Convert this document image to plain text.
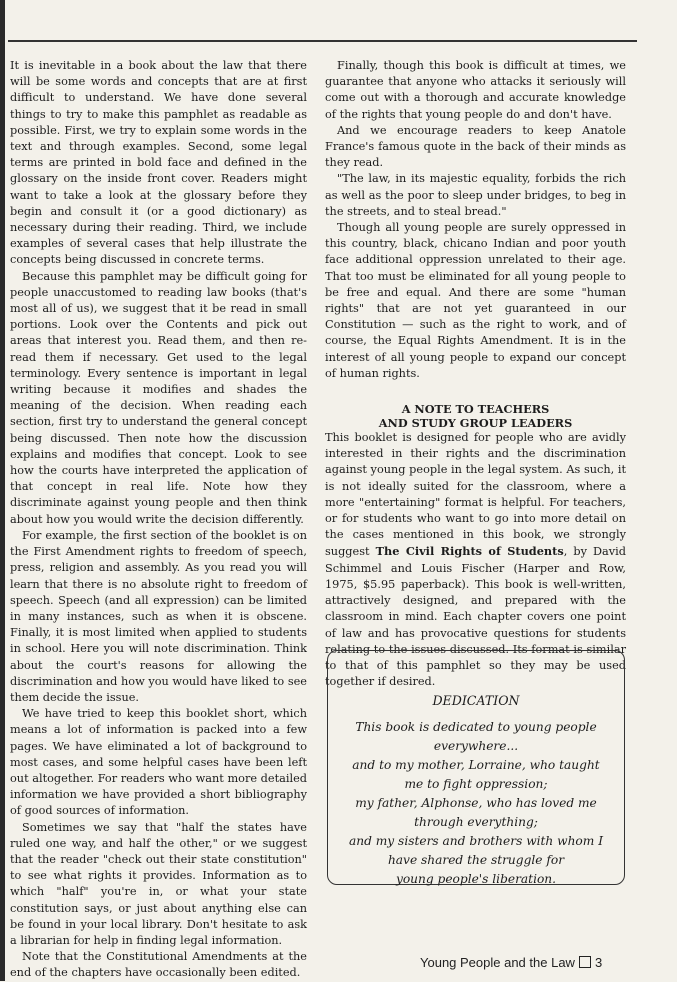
It is inevitable in a book about the law that there will be some words and concepts that are at first difficult to understand. We have done several things to try to make this pamphlet as readable as possible. First, we try to explain some words in the text and through examples. Second, some legal terms are printed in bold face and defined in the glossary on the inside front cover. Readers might want to take a look at the glossary before they begin and consult it (or a good dictionary) as necessary during their reading. Third, we include examples of several cases that help illustrate the concepts being discussed in concrete terms.

Because this pamphlet may be difficult going for people unaccustomed to reading law books (that's most all of us), we suggest that it be read in small portions. Look over the Contents and pick out areas that interest you. Read them, and then re-read them if necessary. Get used to the legal terminology. Every sentence is important in legal writing because it modifies and shades the meaning of the decision. When reading each section, first try to understand the general concept being discussed. Then note how the discussion explains and modifies that concept. Look to see how the courts have interpreted the application of that concept in real life. Note how they discriminate against young people and then think about how you would write the decision differently.

For example, the first section of the booklet is on the First Amendment rights to freedom of speech, press, religion and assembly. As you read you will learn that there is no absolute right to freedom of speech. Speech (and all expression) can be limited in many instances, such as when it is obscene. Finally, it is most limited when applied to students in school. Here you will note discrimination. Think about the court's reasons for allowing the discrimination and how you would have liked to see them decide the issue.

We have tried to keep this booklet short, which means a lot of information is packed into a few pages. We have eliminated a lot of background to most cases, and some helpful cases have been left out altogether. For readers who want more detailed information we have provided a short bibliography of good sources of information.

Sometimes we say that "half the states have ruled one way, and half the other," or we suggest that the reader "check out their state constitution" to see what rights it provides. Information as to which "half" you're in, or what your state constitution says, or just about anything else can be found in your local library. Don't hesitate to ask a librarian for help in finding legal information.

Note that the Constitutional Amendments at the end of the chapters have occasionally been edited.

Finally, though this book is difficult at times, we guarantee that anyone who attacks it seriously will come out with a thorough and accurate knowledge of the rights that young people do and don't have.

And we encourage readers to keep Anatole France's famous quote in the back of their minds as they read.

"The law, in its majestic equality, forbids the rich as well as the poor to sleep under bridges, to beg in the streets, and to steal bread."

Though all young people are surely oppressed in this country, black, chicano Indian and poor youth face additional oppression unrelated to their age. That too must be eliminated for all young people to be free and equal. And there are some "human rights" that are not yet guaranteed in our Constitution — such as the right to work, and of course, the Equal Rights Amendment. It is in the interest of all young people to expand our concept of human rights.

A NOTE TO TEACHERS
AND STUDY GROUP LEADERS

This booklet is designed for people who are avidly interested in their rights and the discrimination against young people in the legal system. As such, it is not ideally suited for the classroom, where a more "entertaining" format is helpful. For teachers, or for students who want to go into more detail on the cases mentioned in this book, we strongly suggest The Civil Rights of Students, by David Schimmel and Louis Fischer (Harper and Row, 1975, $5.95 paperback). This book is well-written, attractively designed, and prepared with the classroom in mind. Each chapter covers one point of law and has provocative questions for students relating to the issues discussed. Its format is similar to that of this pamphlet so they may be used together if desired.

DEDICATION
This book is dedicated to young people
everywhere...
and to my mother, Lorraine, who taught
me to fight oppression;
my father, Alphonse, who has loved me
through everything;
and my sisters and brothers with whom I
have shared the struggle for
young people's liberation.
Young People and the Law 3
